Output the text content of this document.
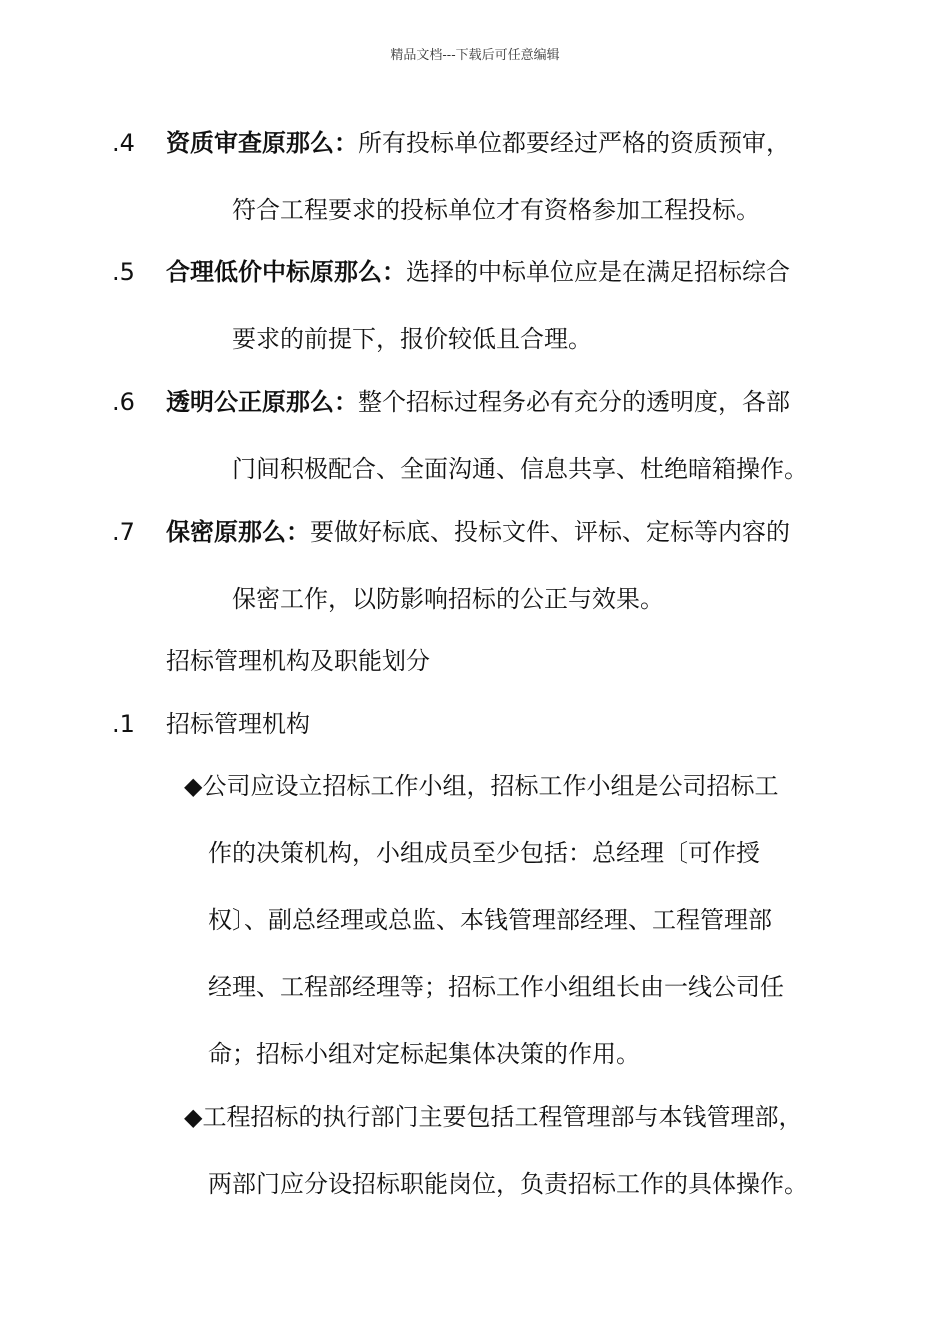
精品文档---下载后可任意编辑
.4 资质审查原那么：所有投标单位都要经过严格的资质预审，
符合工程要求的投标单位才有资格参加工程投标。
.5 合理低价中标原那么：选择的中标单位应是在满足招标综合
要求的前提下，报价较低且合理。
.6 透明公正原那么：整个招标过程务必有充分的透明度，各部
门间积极配合、全面沟通、信息共享、杜绝暗箱操作。
.7 保密原那么：要做好标底、投标文件、评标、定标等内容的
保密工作，以防影响招标的公正与效果。
招标管理机构及职能划分
.1 招标管理机构
◆公司应设立招标工作小组，招标工作小组是公司招标工
作的决策机构，小组成员至少包括：总经理〔可作授
权〕、副总经理或总监、本钱管理部经理、工程管理部
经理、工程部经理等；招标工作小组组长由一线公司任
命；招标小组对定标起集体决策的作用。
◆工程招标的执行部门主要包括工程管理部与本钱管理部，
两部门应分设招标职能岗位，负责招标工作的具体操作。
